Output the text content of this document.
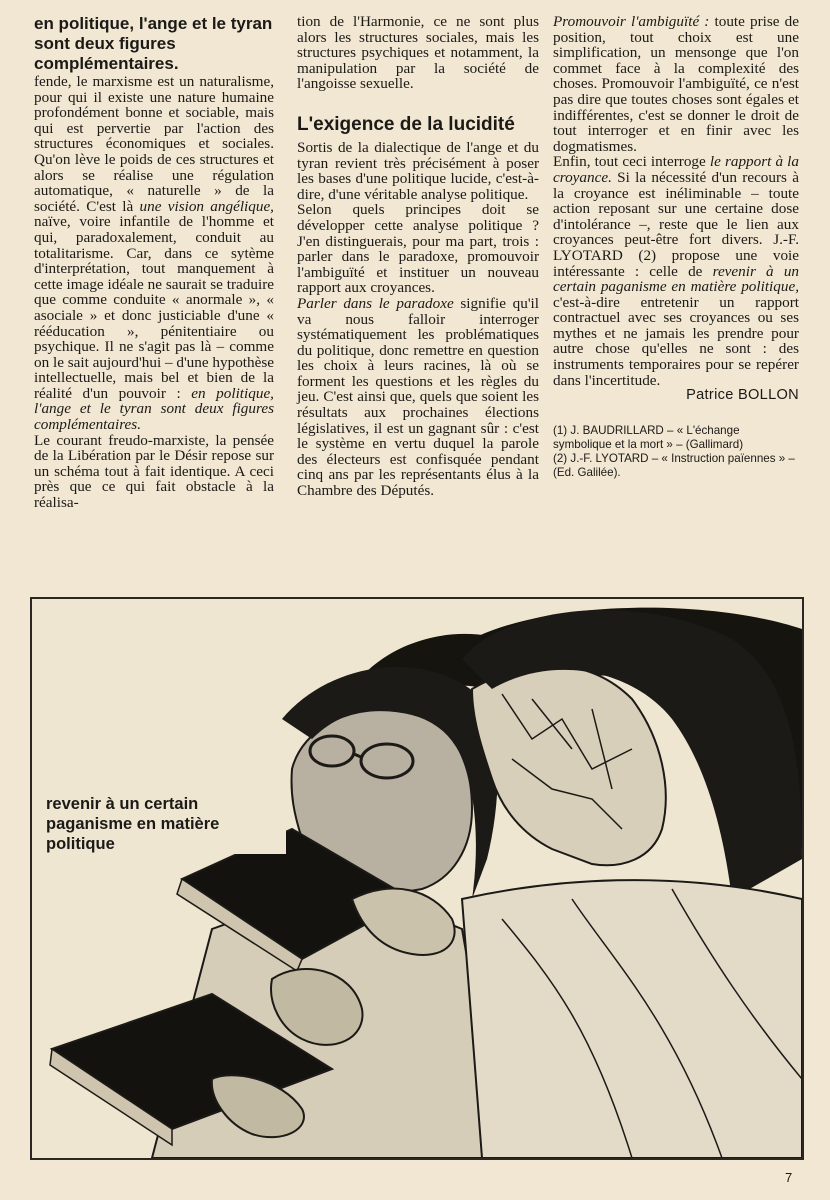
en politique, l'ange et le tyran sont deux figures complémentaires.

fende, le marxisme est un naturalisme, pour qui il existe une nature humaine profondément bonne et sociable, mais qui est pervertie par l'action des structures économiques et sociales. Qu'on lève le poids de ces structures et alors se réalise une régulation automatique, « naturelle » de la société. C'est là une vision angélique, naïve, voire infantile de l'homme et qui, paradoxalement, conduit au totalitarisme. Car, dans ce sytème d'interprétation, tout manquement à cette image idéale ne saurait se traduire que comme conduite « anormale », « asociale » et donc justiciable d'une « rééducation », pénitentiaire ou psychique. Il ne s'agit pas là – comme on le sait aujourd'hui – d'une hypothèse intellectuelle, mais bel et bien de la réalité d'un pouvoir : en politique, l'ange et le tyran sont deux figures complémentaires.

Le courant freudo-marxiste, la pensée de la Libération par le Désir repose sur un schéma tout à fait identique. A ceci près que ce qui fait obstacle à la réalisa-

tion de l'Harmonie, ce ne sont plus alors les structures sociales, mais les structures psychiques et notamment, la manipulation par la société de l'angoisse sexuelle.

L'exigence de la lucidité

Sortis de la dialectique de l'ange et du tyran revient très précisément à poser les bases d'une politique lucide, c'est-à-dire, d'une véritable analyse politique.

Selon quels principes doit se développer cette analyse politique ? J'en distinguerais, pour ma part, trois : parler dans le paradoxe, promouvoir l'ambiguïté et instituer un nouveau rapport aux croyances.

Parler dans le paradoxe signifie qu'il va nous falloir interroger systématiquement les problématiques du politique, donc remettre en question les choix à leurs racines, là où se forment les questions et les règles du jeu. C'est ainsi que, quels que soient les résultats aux prochaines élections législatives, il est un gagnant sûr : c'est le système en vertu duquel la parole des électeurs est confisquée pendant cinq ans par les représentants élus à la Chambre des Députés.

Promouvoir l'ambiguïté : toute prise de position, tout choix est une simplification, un mensonge que l'on commet face à la complexité des choses. Promouvoir l'ambiguïté, ce n'est pas dire que toutes choses sont égales et indifférentes, c'est se donner le droit de tout interroger et en finir avec les dogmatismes.

Enfin, tout ceci interroge le rapport à la croyance. Si la nécessité d'un recours à la croyance est inéliminable – toute action reposant sur une certaine dose d'intolérance –, reste que le lien aux croyances peut-être fort divers. J.-F. LYOTARD (2) propose une voie intéressante : celle de revenir à un certain paganisme en matière politique, c'est-à-dire entretenir un rapport contractuel avec ses croyances ou ses mythes et ne jamais les prendre pour autre chose qu'elles ne sont : des instruments temporaires pour se repérer dans l'incertitude.

Patrice BOLLON

(1) J. BAUDRILLARD – « L'échange symbolique et la mort » – (Gallimard)

(2) J.-F. LYOTARD – « Instruction païennes » – (Ed. Galilée).

revenir à un certain paganisme en matière politique
7
